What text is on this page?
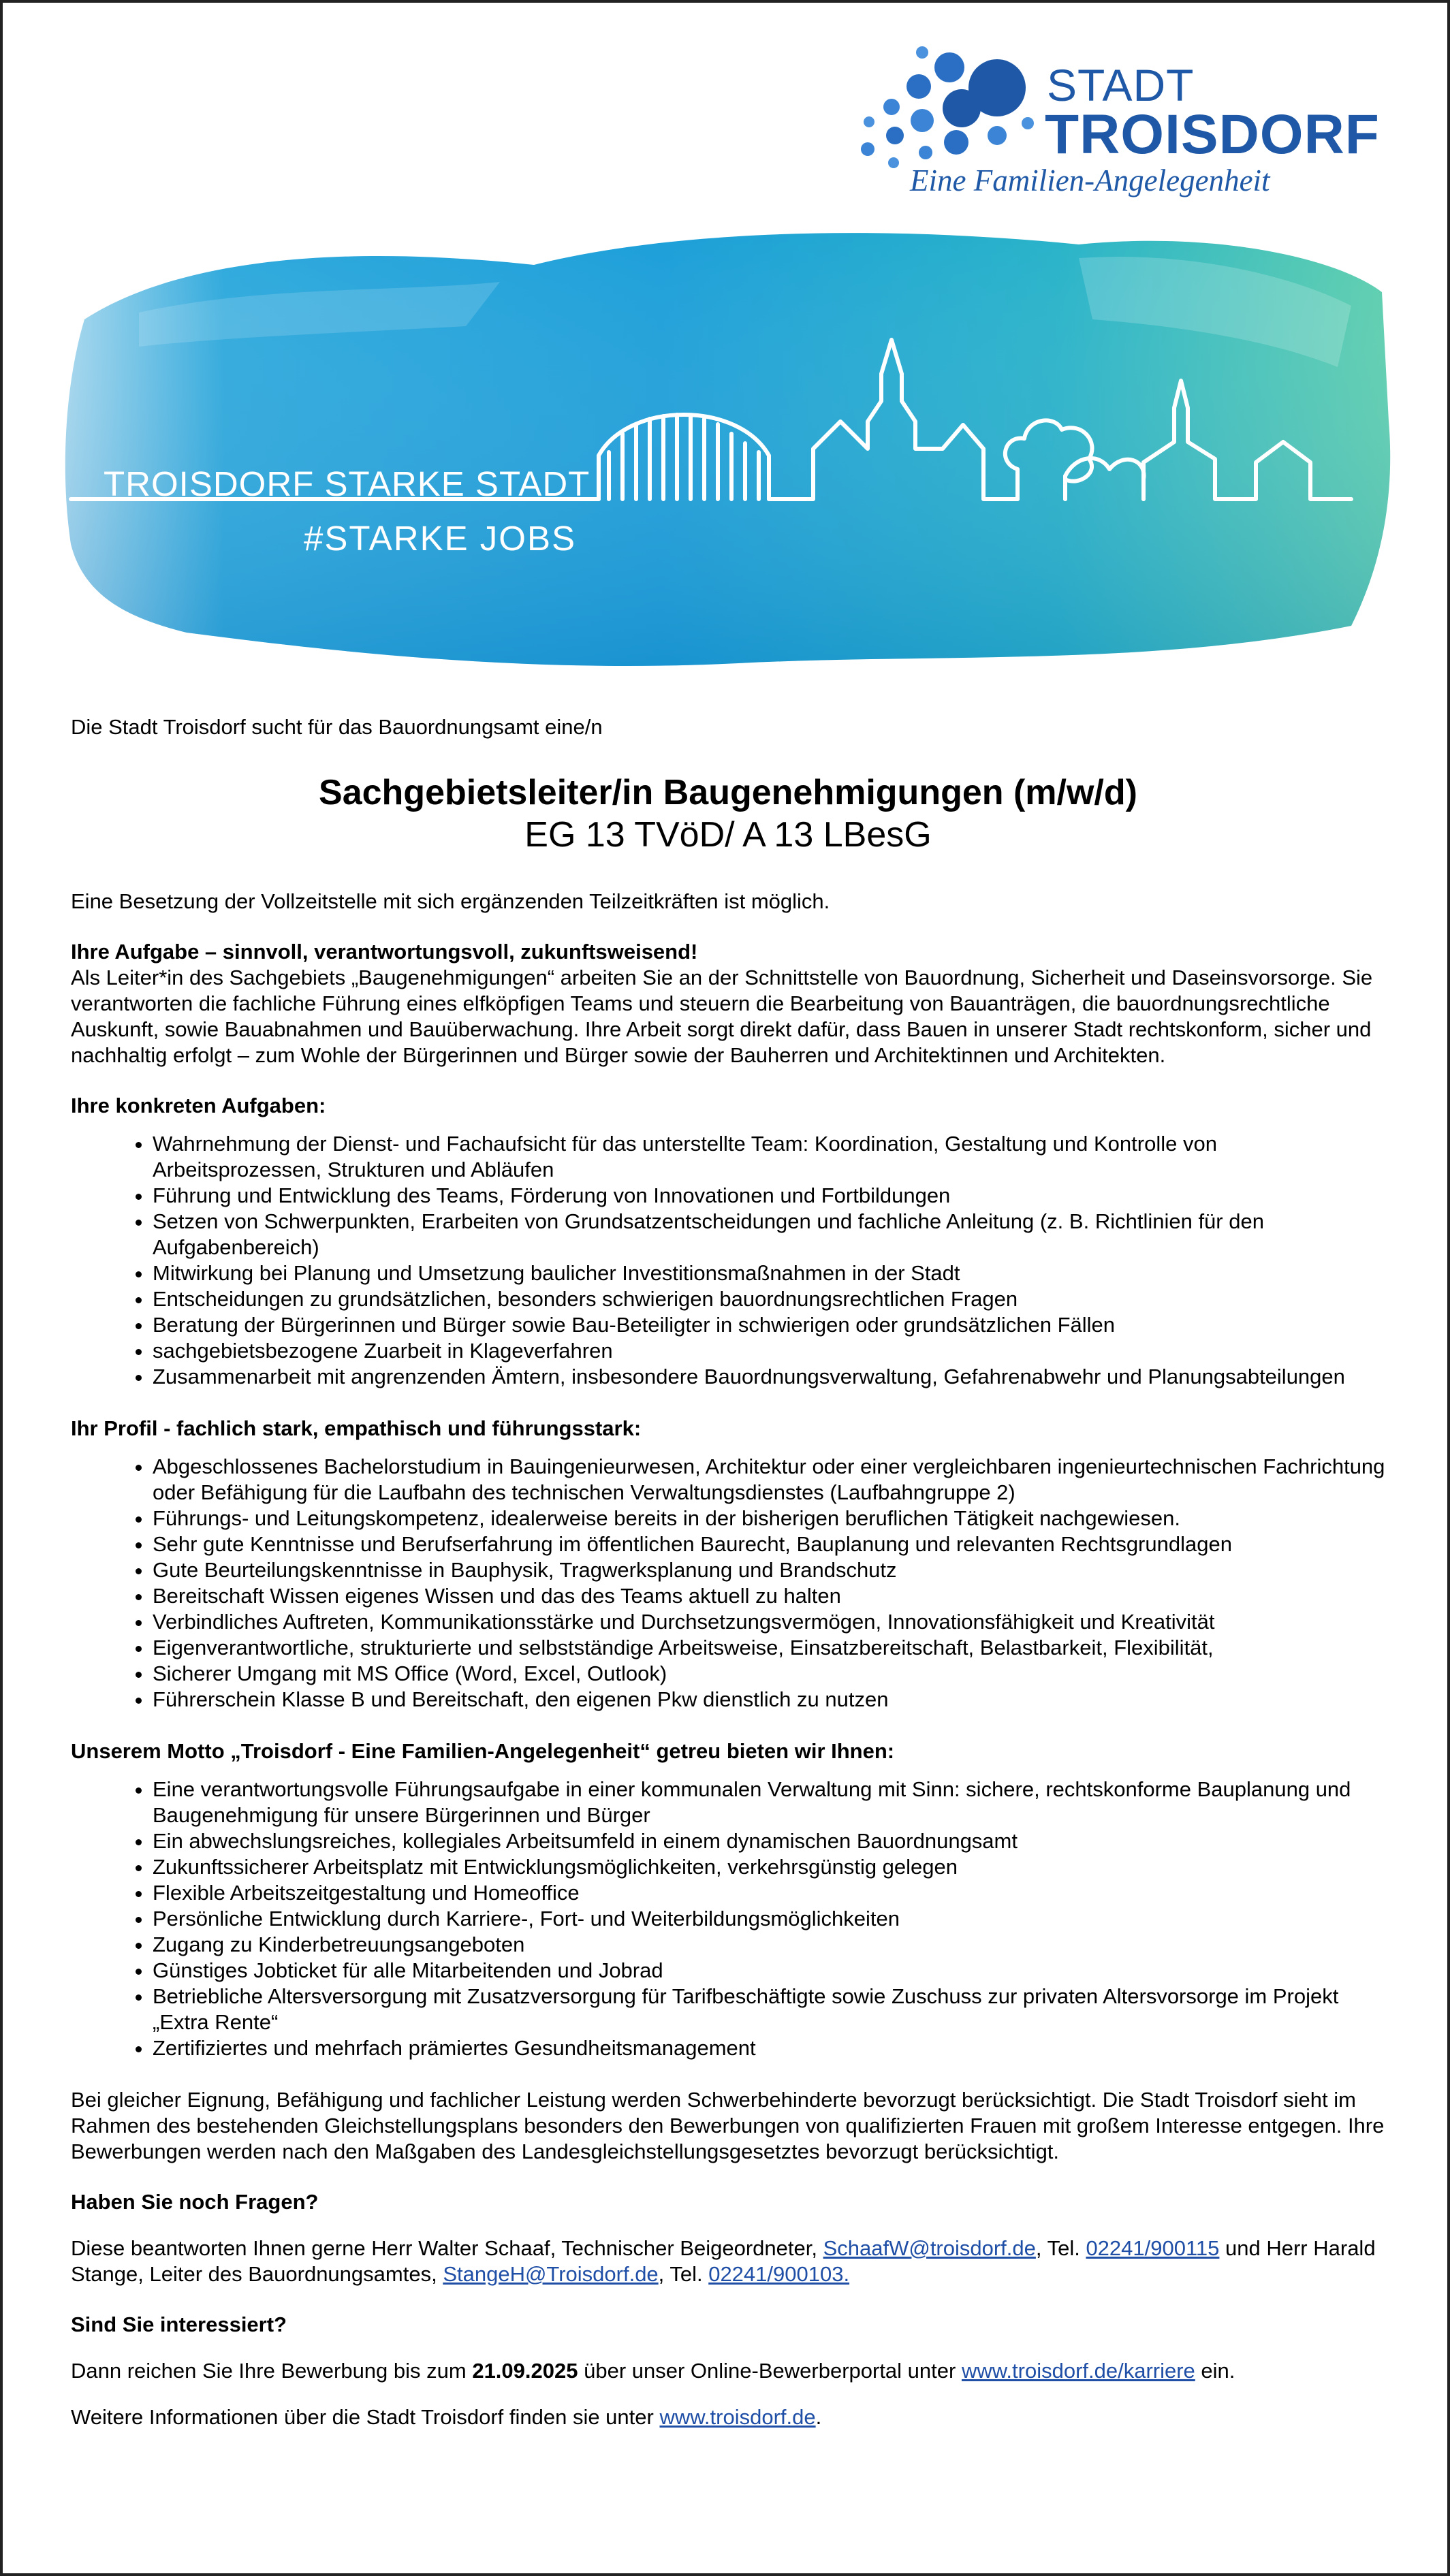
STADT
TROISDORF
Eine Familien-Angelegenheit
TROISDORF STARKE STADT
#STARKE JOBS

Die Stadt Troisdorf sucht für das Bauordnungsamt eine/n

Sachgebietsleiter/in Baugenehmigungen (m/w/d)

EG 13 TVöD/ A 13 LBesG

Eine Besetzung der Vollzeitstelle mit sich ergänzenden Teilzeitkräften ist möglich.

Ihre Aufgabe – sinnvoll, verantwortungsvoll, zukunftsweisend!

Als Leiter*in des Sachgebiets „Baugenehmigungen“ arbeiten Sie an der Schnittstelle von Bauordnung, Sicherheit und Daseinsvorsorge. Sie verantworten die fachliche Führung eines elfköpfigen Teams und steuern die Bearbeitung von Bauanträgen, die bauordnungsrechtliche Auskunft, sowie Bauabnahmen und Bauüberwachung. Ihre Arbeit sorgt direkt dafür, dass Bauen in unserer Stadt rechtskonform, sicher und nachhaltig erfolgt – zum Wohle der Bürgerinnen und Bürger sowie der Bauherren und Architektinnen und Architekten.

Ihre konkreten Aufgaben:

• Wahrnehmung der Dienst- und Fachaufsicht für das unterstellte Team: Koordination, Gestaltung und Kontrolle von Arbeitsprozessen, Strukturen und Abläufen
• Führung und Entwicklung des Teams, Förderung von Innovationen und Fortbildungen
• Setzen von Schwerpunkten, Erarbeiten von Grundsatzentscheidungen und fachliche Anleitung (z. B. Richtlinien für den Aufgabenbereich)
• Mitwirkung bei Planung und Umsetzung baulicher Investitionsmaßnahmen in der Stadt
• Entscheidungen zu grundsätzlichen, besonders schwierigen bauordnungsrechtlichen Fragen
• Beratung der Bürgerinnen und Bürger sowie Bau-Beteiligter in schwierigen oder grundsätzlichen Fällen
• sachgebietsbezogene Zuarbeit in Klageverfahren
• Zusammenarbeit mit angrenzenden Ämtern, insbesondere Bauordnungsverwaltung, Gefahrenabwehr und Planungsabteilungen

Ihr Profil - fachlich stark, empathisch und führungsstark:

• Abgeschlossenes Bachelorstudium in Bauingenieurwesen, Architektur oder einer vergleichbaren ingenieurtechnischen Fachrichtung oder Befähigung für die Laufbahn des technischen Verwaltungsdienstes (Laufbahngruppe 2)
• Führungs- und Leitungskompetenz, idealerweise bereits in der bisherigen beruflichen Tätigkeit nachgewiesen.
• Sehr gute Kenntnisse und Berufserfahrung im öffentlichen Baurecht, Bauplanung und relevanten Rechtsgrundlagen
• Gute Beurteilungskenntnisse in Bauphysik, Tragwerksplanung und Brandschutz
• Bereitschaft Wissen eigenes Wissen und das des Teams aktuell zu halten
• Verbindliches Auftreten, Kommunikationsstärke und Durchsetzungsvermögen, Innovationsfähigkeit und Kreativität
• Eigenverantwortliche, strukturierte und selbstständige Arbeitsweise, Einsatzbereitschaft, Belastbarkeit, Flexibilität,
• Sicherer Umgang mit MS Office (Word, Excel, Outlook)
• Führerschein Klasse B und Bereitschaft, den eigenen Pkw dienstlich zu nutzen

Unserem Motto „Troisdorf - Eine Familien-Angelegenheit“ getreu bieten wir Ihnen:

• Eine verantwortungsvolle Führungsaufgabe in einer kommunalen Verwaltung mit Sinn: sichere, rechtskonforme Bauplanung und Baugenehmigung für unsere Bürgerinnen und Bürger
• Ein abwechslungsreiches, kollegiales Arbeitsumfeld in einem dynamischen Bauordnungsamt
• Zukunftssicherer Arbeitsplatz mit Entwicklungsmöglichkeiten, verkehrsgünstig gelegen
• Flexible Arbeitszeitgestaltung und Homeoffice
• Persönliche Entwicklung durch Karriere-, Fort- und Weiterbildungsmöglichkeiten
• Zugang zu Kinderbetreuungsangeboten
• Günstiges Jobticket für alle Mitarbeitenden und Jobrad
• Betriebliche Altersversorgung mit Zusatzversorgung für Tarifbeschäftigte sowie Zuschuss zur privaten Altersvorsorge im Projekt „Extra Rente“
• Zertifiziertes und mehrfach prämiertes Gesundheitsmanagement

Bei gleicher Eignung, Befähigung und fachlicher Leistung werden Schwerbehinderte bevorzugt berücksichtigt. Die Stadt Troisdorf sieht im Rahmen des bestehenden Gleichstellungsplans besonders den Bewerbungen von qualifizierten Frauen mit großem Interesse entgegen. Ihre Bewerbungen werden nach den Maßgaben des Landesgleichstellungsgesetztes bevorzugt berücksichtigt.

Haben Sie noch Fragen?

Diese beantworten Ihnen gerne Herr Walter Schaaf, Technischer Beigeordneter, SchaafW@troisdorf.de, Tel. 02241/900115 und Herr Harald Stange, Leiter des Bauordnungsamtes, StangeH@Troisdorf.de, Tel. 02241/900103.

Sind Sie interessiert?

Dann reichen Sie Ihre Bewerbung bis zum 21.09.2025 über unser Online-Bewerberportal unter www.troisdorf.de/karriere ein.

Weitere Informationen über die Stadt Troisdorf finden sie unter www.troisdorf.de.
